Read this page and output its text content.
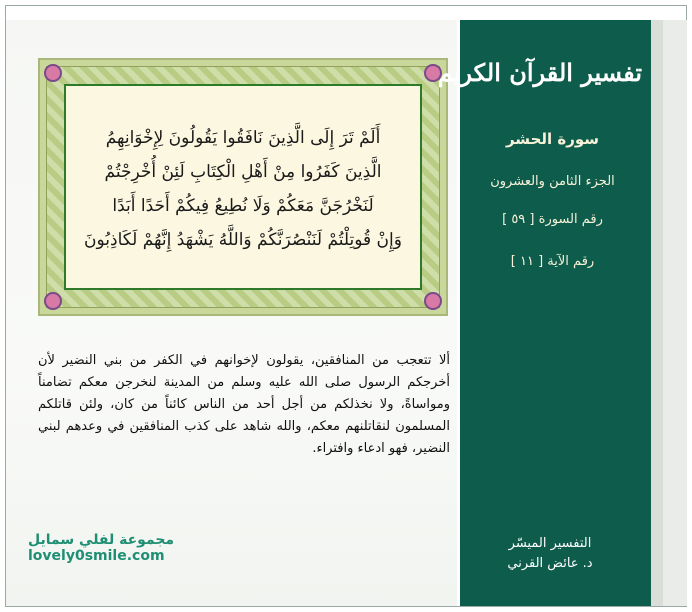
أَلَمْ تَرَ إِلَى الَّذِينَ نَافَقُوا يَقُولُونَ لِإِخْوَانِهِمُ
الَّذِينَ كَفَرُوا مِنْ أَهْلِ الْكِتَابِ لَئِنْ أُخْرِجْتُمْ
لَنَخْرُجَنَّ مَعَكُمْ وَلَا نُطِيعُ فِيكُمْ أَحَدًا أَبَدًا
وَإِنْ قُوتِلْتُمْ لَنَنْصُرَنَّكُمْ وَاللَّهُ يَشْهَدُ إِنَّهُمْ لَكَاذِبُونَ
ألا تتعجب من المنافقين، يقولون لإخوانهم في الكفر من بني النضير لأن أخرجكم الرسول صلى الله عليه وسلم من المدينة لنخرجن معكم تضامناً ومواساةً، ولا نخذلكم من أجل أحد من الناس كائناً من كان، ولئن قاتلكم المسلمون لنقاتلنهم معكم، والله شاهد على كذب المنافقين في وعدهم لبني النضير، فهو ادعاء وافتراء.
مجموعة لفلي سمايل
lovely0smile.com
تفسير القرآن الكريم
سورة الحشر
الجزء الثامن والعشرون
رقم السورة [ ٥٩ ]
رقم الآية [ ١١ ]
التفسير الميسّر
د. عائض القرني
